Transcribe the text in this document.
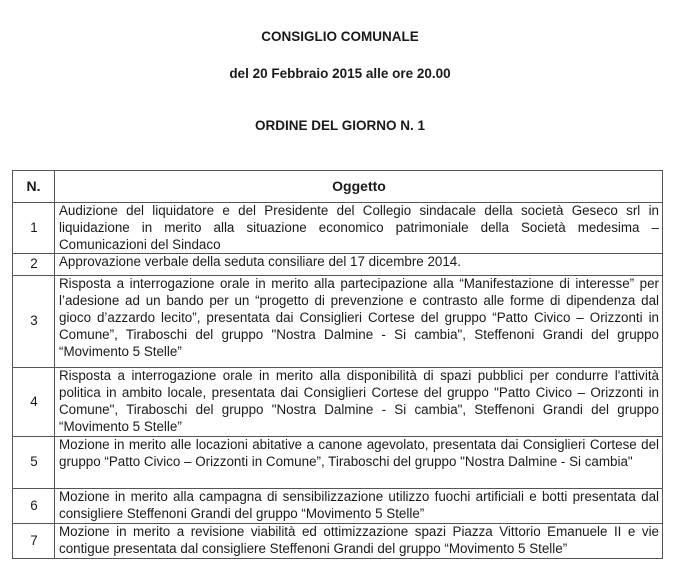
CONSIGLIO COMUNALE
del 20 Febbraio 2015 alle ore 20.00
ORDINE DEL GIORNO N. 1
N.	Oggetto
1	Audizione del liquidatore e del Presidente del Collegio sindacale della società Geseco srl in liquidazione in merito alla situazione economico patrimoniale della Società medesima – Comunicazioni del Sindaco
2	Approvazione verbale della seduta consiliare del 17 dicembre 2014.
3	Risposta a interrogazione orale in merito alla partecipazione alla “Manifestazione di interesse” per l’adesione ad un bando per un “progetto di prevenzione e contrasto alle forme di dipendenza dal gioco d’azzardo lecito”, presentata dai Consiglieri Cortese del gruppo “Patto Civico – Orizzonti in Comune”, Tiraboschi del gruppo "Nostra Dalmine - Si cambia", Steffenoni Grandi del gruppo “Movimento 5 Stelle”
4	Risposta a interrogazione orale in merito alla disponibilità di spazi pubblici per condurre l'attività politica in ambito locale, presentata dai Consiglieri Cortese del gruppo "Patto Civico – Orizzonti in Comune", Tiraboschi del gruppo "Nostra Dalmine - Si cambia", Steffenoni Grandi del gruppo “Movimento 5 Stelle”
5	Mozione in merito alle locazioni abitative a canone agevolato, presentata dai Consiglieri Cortese del gruppo “Patto Civico – Orizzonti in Comune”, Tiraboschi del gruppo "Nostra Dalmine - Si cambia"
6	Mozione in merito alla campagna di sensibilizzazione utilizzo fuochi artificiali e botti presentata dal consigliere Steffenoni Grandi del gruppo “Movimento 5 Stelle”
7	Mozione in merito a revisione viabilità ed ottimizzazione spazi Piazza Vittorio Emanuele II e vie contigue presentata dal consigliere Steffenoni Grandi del gruppo “Movimento 5 Stelle”
